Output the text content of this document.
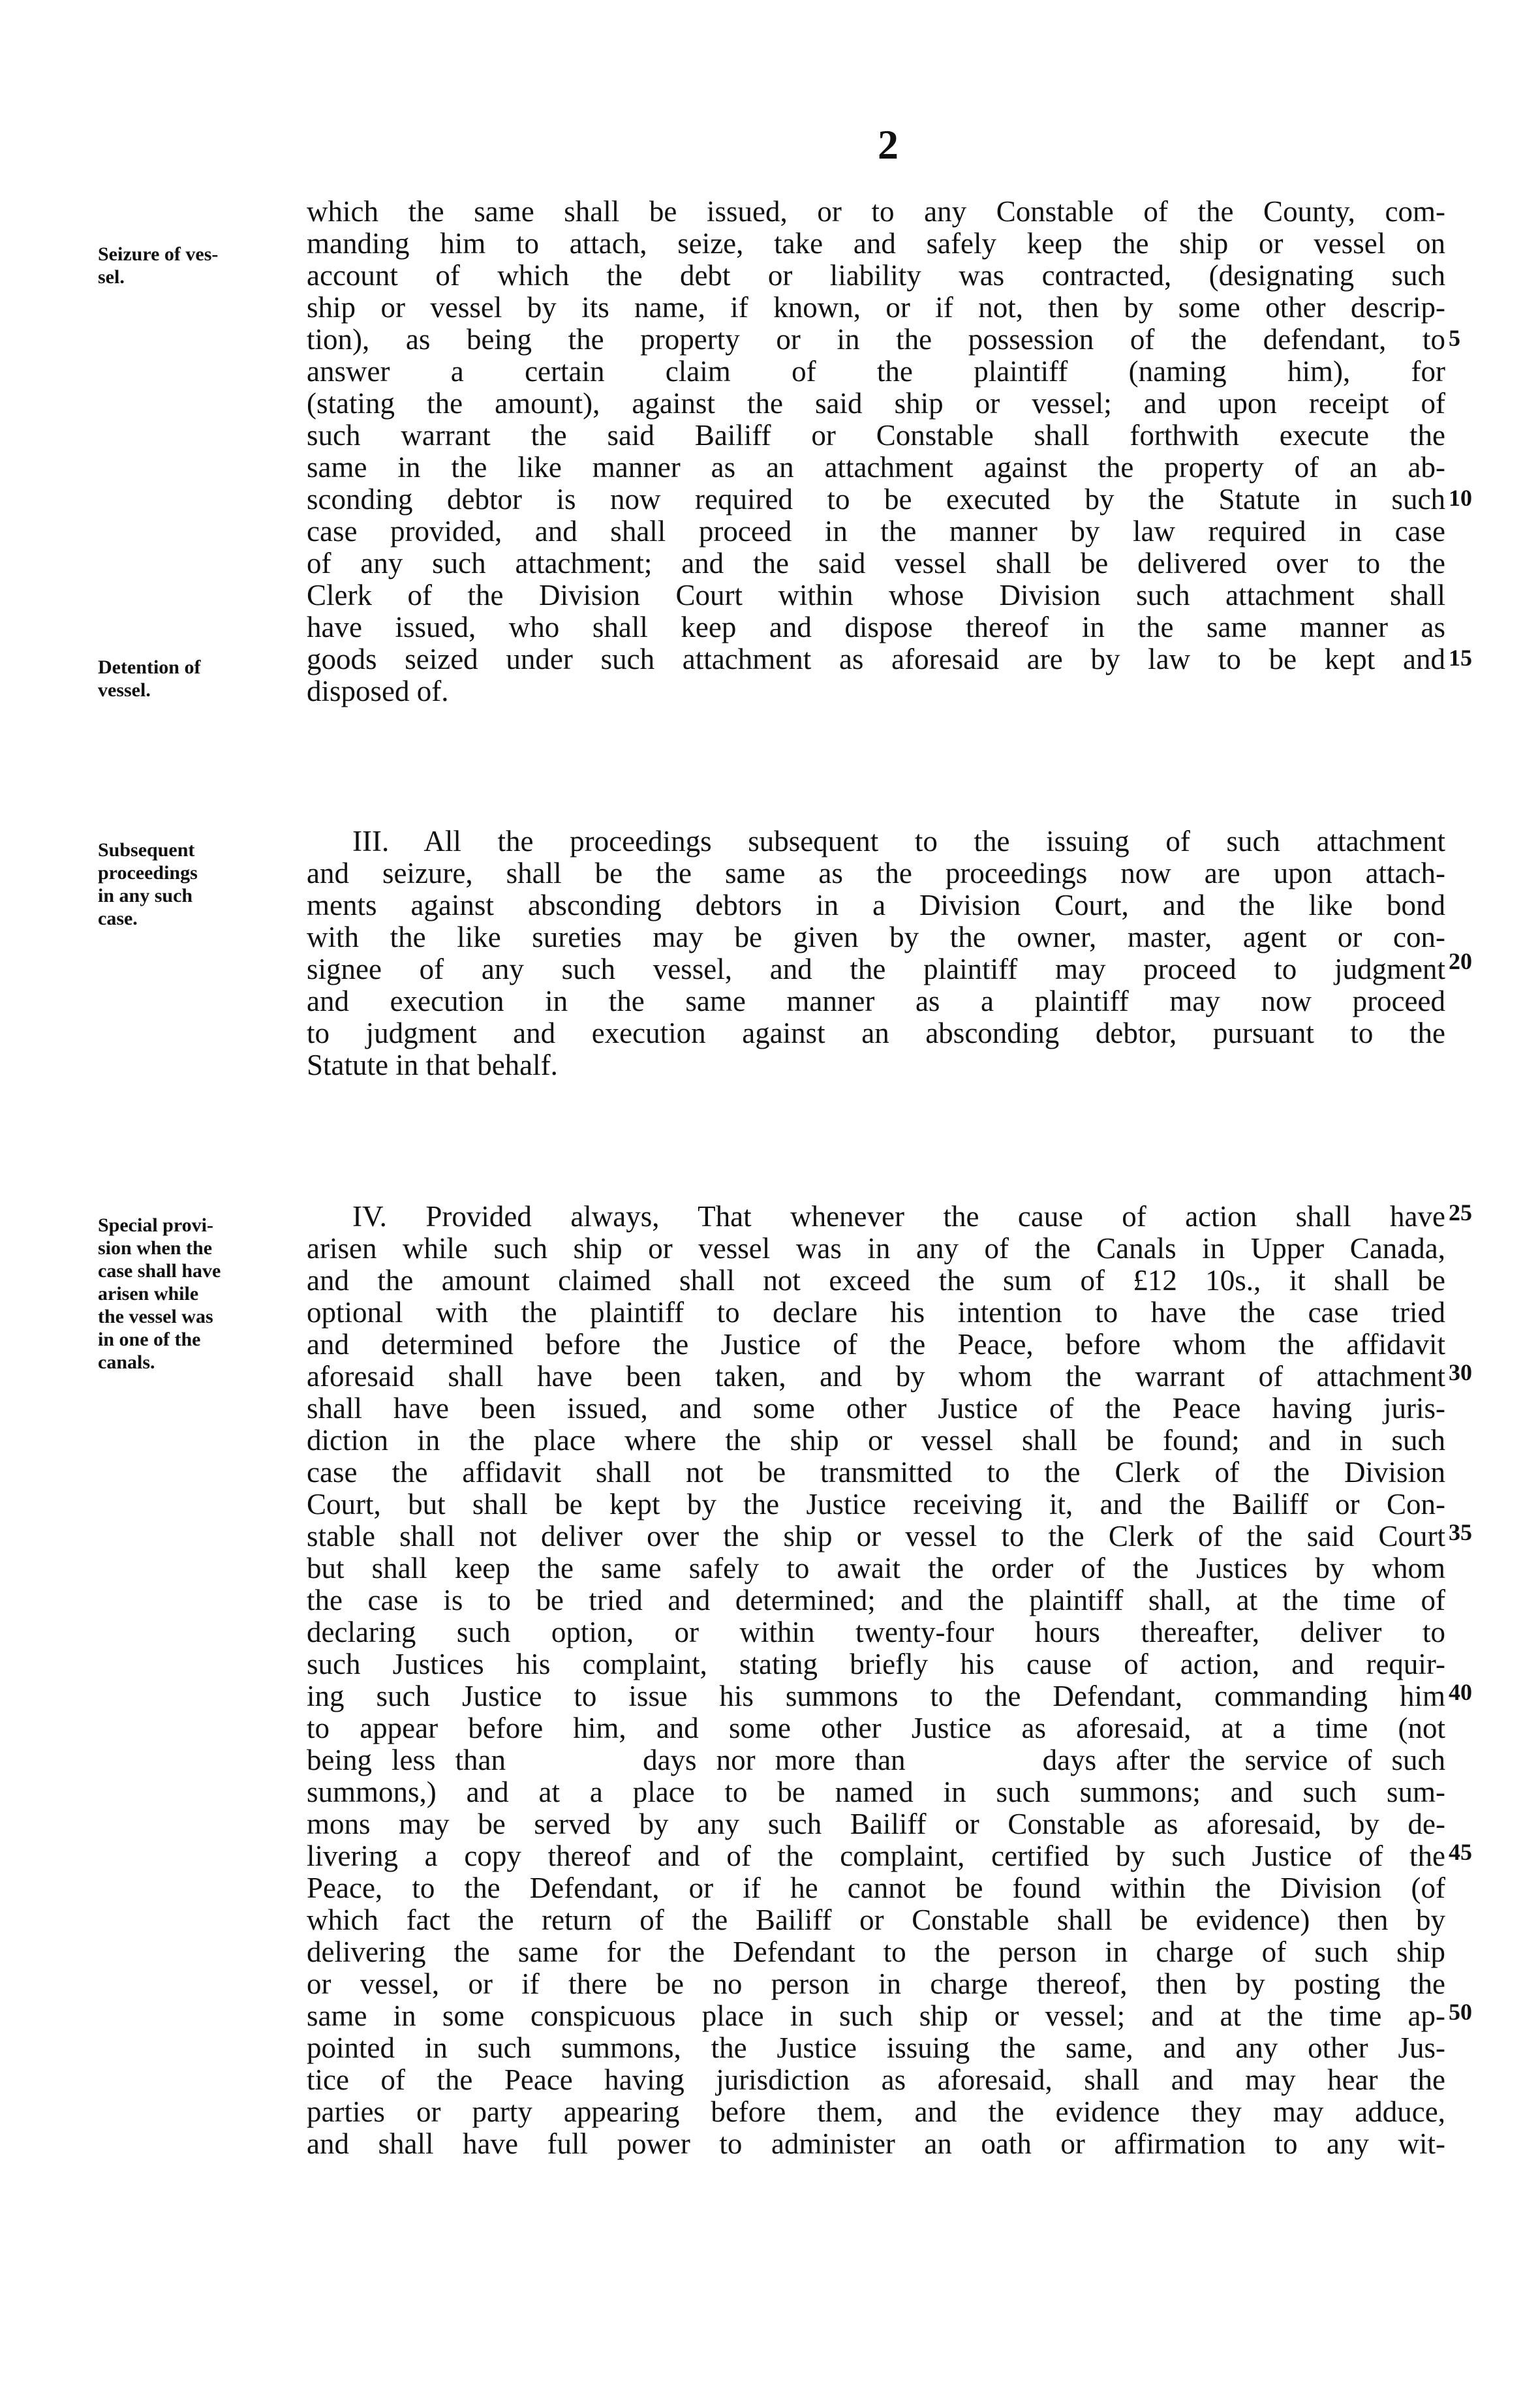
2
Seizure of ves-
sel.
Detention of
vessel.
Subsequent
proceedings
in any such
case.
Special provi-
sion when the
case shall have
arisen while
the vessel was
in one of the
canals.
which the same shall be issued, or to any Constable of the County, com-
manding him to attach, seize, take and safely keep the ship or vessel on
account of which the debt or liability was contracted, (designating such
ship or vessel by its name, if known, or if not, then by some other descrip-
tion), as being the property or in the possession of the defendant, to
answer a certain claim of the plaintiff (naming him), for
(stating the amount), against the said ship or vessel; and upon receipt of
such warrant the said Bailiff or Constable shall forthwith execute the
same in the like manner as an attachment against the property of an ab-
sconding debtor is now required to be executed by the Statute in such
case provided, and shall proceed in the manner by law required in case
of any such attachment; and the said vessel shall be delivered over to the
Clerk of the Division Court within whose Division such attachment shall
have issued, who shall keep and dispose thereof in the same manner as
goods seized under such attachment as aforesaid are by law to be kept and
disposed of.
III. All the proceedings subsequent to the issuing of such attachment
and seizure, shall be the same as the proceedings now are upon attach-
ments against absconding debtors in a Division Court, and the like bond
with the like sureties may be given by the owner, master, agent or con-
signee of any such vessel, and the plaintiff may proceed to judgment
and execution in the same manner as a plaintiff may now proceed
to judgment and execution against an absconding debtor, pursuant to the
Statute in that behalf.
IV. Provided always, That whenever the cause of action shall have
arisen while such ship or vessel was in any of the Canals in Upper Canada,
and the amount claimed shall not exceed the sum of £12 10s., it shall be
optional with the plaintiff to declare his intention to have the case tried
and determined before the Justice of the Peace, before whom the affidavit
aforesaid shall have been taken, and by whom the warrant of attachment
shall have been issued, and some other Justice of the Peace having juris-
diction in the place where the ship or vessel shall be found; and in such
case the affidavit shall not be transmitted to the Clerk of the Division
Court, but shall be kept by the Justice receiving it, and the Bailiff or Con-
stable shall not deliver over the ship or vessel to the Clerk of the said Court
but shall keep the same safely to await the order of the Justices by whom
the case is to be tried and determined; and the plaintiff shall, at the time of
declaring such option, or within twenty-four hours thereafter, deliver to
such Justices his complaint, stating briefly his cause of action, and requir-
ing such Justice to issue his summons to the Defendant, commanding him
to appear before him, and some other Justice as aforesaid, at a time (not
being less than       days nor more than       days after the service of such
summons,) and at a place to be named in such summons; and such sum-
mons may be served by any such Bailiff or Constable as aforesaid, by de-
livering a copy thereof and of the complaint, certified by such Justice of the
Peace, to the Defendant, or if he cannot be found within the Division (of
which fact the return of the Bailiff or Constable shall be evidence) then by
delivering the same for the Defendant to the person in charge of such ship
or vessel, or if there be no person in charge thereof, then by posting the
same in some conspicuous place in such ship or vessel; and at the time ap-
pointed in such summons, the Justice issuing the same, and any other Jus-
tice of the Peace having jurisdiction as aforesaid, shall and may hear the
parties or party appearing before them, and the evidence they may adduce,
and shall have full power to administer an oath or affirmation to any wit-
5
10
15
20
25
30
35
40
45
50
